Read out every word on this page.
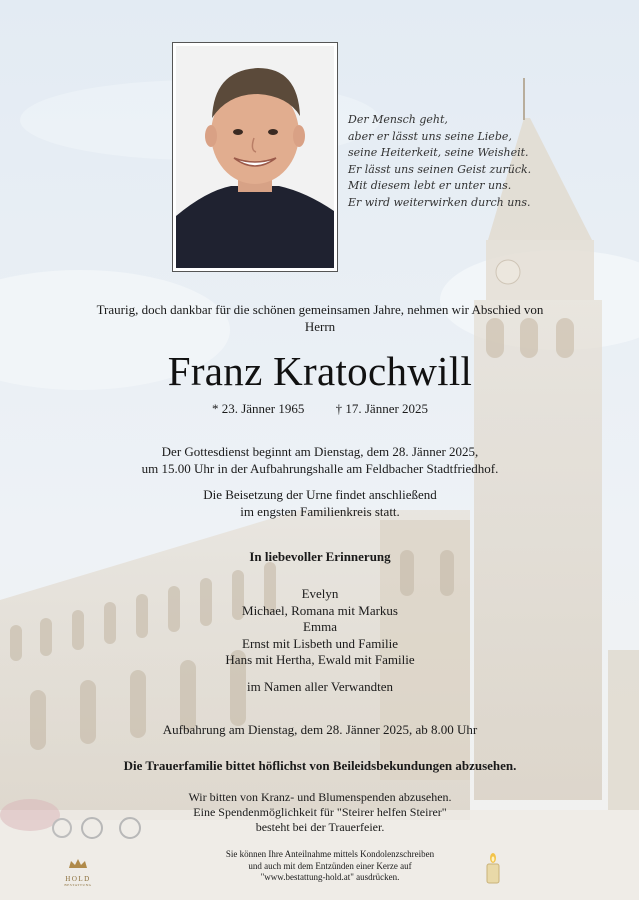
Der Mensch geht,
aber er lässt uns seine Liebe,
seine Heiterkeit, seine Weisheit.
Er lässt uns seinen Geist zurück.
Mit diesem lebt er unter uns.
Er wird weiterwirken durch uns.
Traurig, doch dankbar für die schönen gemeinsamen Jahre, nehmen wir Abschied von
Herrn
Franz Kratochwill
* 23. Jänner 1965 † 17. Jänner 2025
Der Gottesdienst beginnt am Dienstag, dem 28. Jänner 2025,
um 15.00 Uhr in der Aufbahrungshalle am Feldbacher Stadtfriedhof.
Die Beisetzung der Urne findet anschließend
im engsten Familienkreis statt.
In liebevoller Erinnerung
Evelyn
Michael, Romana mit Markus
Emma
Ernst mit Lisbeth und Familie
Hans mit Hertha, Ewald mit Familie
im Namen aller Verwandten
Aufbahrung am Dienstag, dem 28. Jänner 2025, ab 8.00 Uhr
Die Trauerfamilie bittet höflichst von Beileidsbekundungen abzusehen.
Wir bitten von Kranz- und Blumenspenden abzusehen.
Eine Spendenmöglichkeit für "Steirer helfen Steirer"
besteht bei der Trauerfeier.
Sie können Ihre Anteilnahme mittels Kondolenzschreiben
und auch mit dem Entzünden einer Kerze auf
"www.bestattung-hold.at" ausdrücken.
HOLD
BESTATTUNG
